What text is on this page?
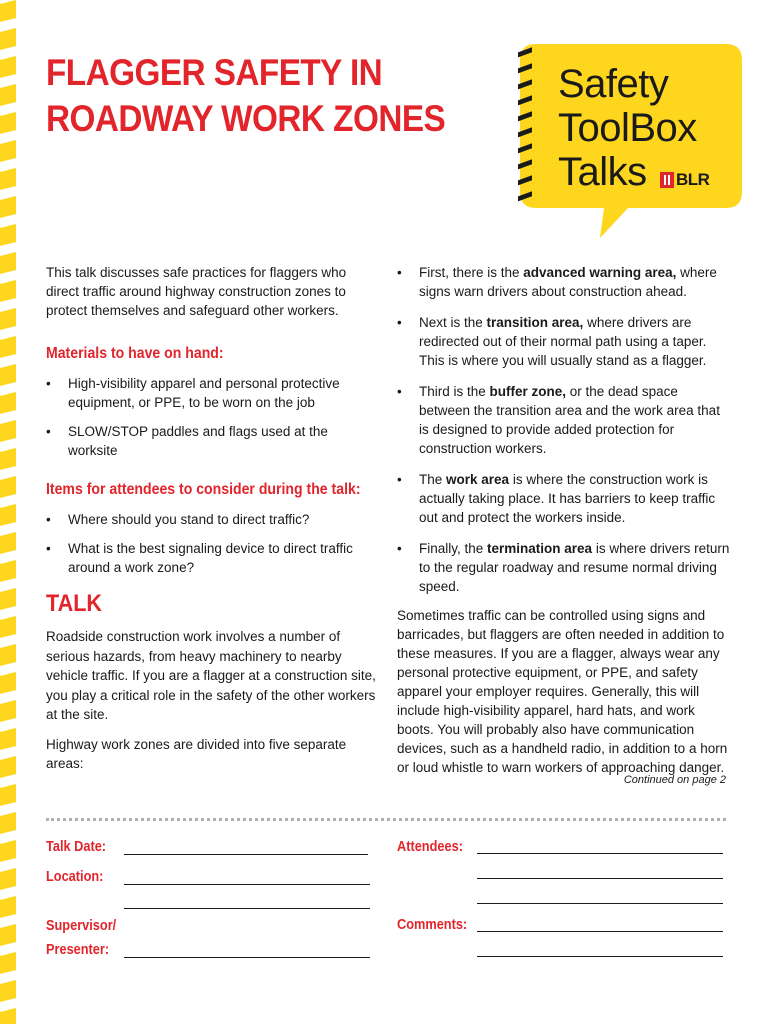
FLAGGER SAFETY IN
ROADWAY WORK ZONES
Safety
ToolBox
Talks	BLR

This talk discusses safe practices for flaggers who direct traffic around highway construction zones to protect themselves and safeguard other workers.

Materials to have on hand:
• High-visibility apparel and personal protective equipment, or PPE, to be worn on the job
• SLOW/STOP paddles and flags used at the worksite
Items for attendees to consider during the talk:
• Where should you stand to direct traffic?
• What is the best signaling device to direct traffic around a work zone?
TALK

Roadside construction work involves a number of serious hazards, from heavy machinery to nearby vehicle traffic. If you are a flagger at a construction site, you play a critical role in the safety of the other workers at the site.

Highway work zones are divided into five separate areas:

• First, there is the advanced warning area, where signs warn drivers about construction ahead.
• Next is the transition area, where drivers are redirected out of their normal path using a taper. This is where you will usually stand as a flagger.
• Third is the buffer zone, or the dead space between the transition area and the work area that is designed to provide added protection for construction workers.
• The work area is where the construction work is actually taking place. It has barriers to keep traffic out and protect the workers inside.
• Finally, the termination area is where drivers return to the regular roadway and resume normal driving speed.

Sometimes traffic can be controlled using signs and barricades, but flaggers are often needed in addition to these measures. If you are a flagger, always wear any personal protective equipment, or PPE, and safety apparel your employer requires. Generally, this will include high-visibility apparel, hard hats, and work boots. You will probably also have communication devices, such as a handheld radio, in addition to a horn or loud whistle to warn workers of approaching danger.

Continued on page 2
Talk Date:
Location:
Supervisor/
Presenter:
Attendees:
Comments:
